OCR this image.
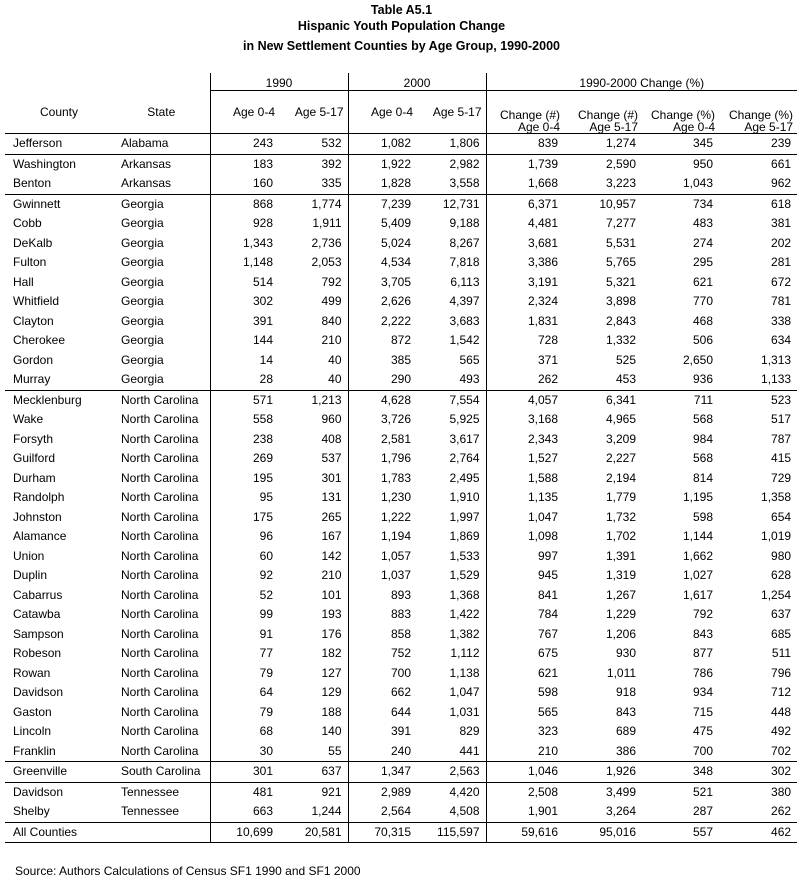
Table A5.1
Hispanic Youth Population Change
in New Settlement Counties by Age Group, 1990-2000
		1990		2000		1990-2000 Change (%)			
County	State	Age 0-4	Age 5-17	Age 0-4	Age 5-17	Change (#) Age 0-4	Change (#) Age 5-17	Change (%) Age 0-4	Change (%) Age 5-17
Jefferson	Alabama	243	532	1,082	1,806	839	1,274	345	239
Washington	Arkansas	183	392	1,922	2,982	1,739	2,590	950	661
Benton	Arkansas	160	335	1,828	3,558	1,668	3,223	1,043	962
Gwinnett	Georgia	868	1,774	7,239	12,731	6,371	10,957	734	618
Cobb	Georgia	928	1,911	5,409	9,188	4,481	7,277	483	381
DeKalb	Georgia	1,343	2,736	5,024	8,267	3,681	5,531	274	202
Fulton	Georgia	1,148	2,053	4,534	7,818	3,386	5,765	295	281
Hall	Georgia	514	792	3,705	6,113	3,191	5,321	621	672
Whitfield	Georgia	302	499	2,626	4,397	2,324	3,898	770	781
Clayton	Georgia	391	840	2,222	3,683	1,831	2,843	468	338
Cherokee	Georgia	144	210	872	1,542	728	1,332	506	634
Gordon	Georgia	14	40	385	565	371	525	2,650	1,313
Murray	Georgia	28	40	290	493	262	453	936	1,133
Mecklenburg	North Carolina	571	1,213	4,628	7,554	4,057	6,341	711	523
Wake	North Carolina	558	960	3,726	5,925	3,168	4,965	568	517
Forsyth	North Carolina	238	408	2,581	3,617	2,343	3,209	984	787
Guilford	North Carolina	269	537	1,796	2,764	1,527	2,227	568	415
Durham	North Carolina	195	301	1,783	2,495	1,588	2,194	814	729
Randolph	North Carolina	95	131	1,230	1,910	1,135	1,779	1,195	1,358
Johnston	North Carolina	175	265	1,222	1,997	1,047	1,732	598	654
Alamance	North Carolina	96	167	1,194	1,869	1,098	1,702	1,144	1,019
Union	North Carolina	60	142	1,057	1,533	997	1,391	1,662	980
Duplin	North Carolina	92	210	1,037	1,529	945	1,319	1,027	628
Cabarrus	North Carolina	52	101	893	1,368	841	1,267	1,617	1,254
Catawba	North Carolina	99	193	883	1,422	784	1,229	792	637
Sampson	North Carolina	91	176	858	1,382	767	1,206	843	685
Robeson	North Carolina	77	182	752	1,112	675	930	877	511
Rowan	North Carolina	79	127	700	1,138	621	1,011	786	796
Davidson	North Carolina	64	129	662	1,047	598	918	934	712
Gaston	North Carolina	79	188	644	1,031	565	843	715	448
Lincoln	North Carolina	68	140	391	829	323	689	475	492
Franklin	North Carolina	30	55	240	441	210	386	700	702
Greenville	South Carolina	301	637	1,347	2,563	1,046	1,926	348	302
Davidson	Tennessee	481	921	2,989	4,420	2,508	3,499	521	380
Shelby	Tennessee	663	1,244	2,564	4,508	1,901	3,264	287	262
All Counties		10,699	20,581	70,315	115,597	59,616	95,016	557	462
Source: Authors Calculations of Census SF1 1990 and SF1 2000
